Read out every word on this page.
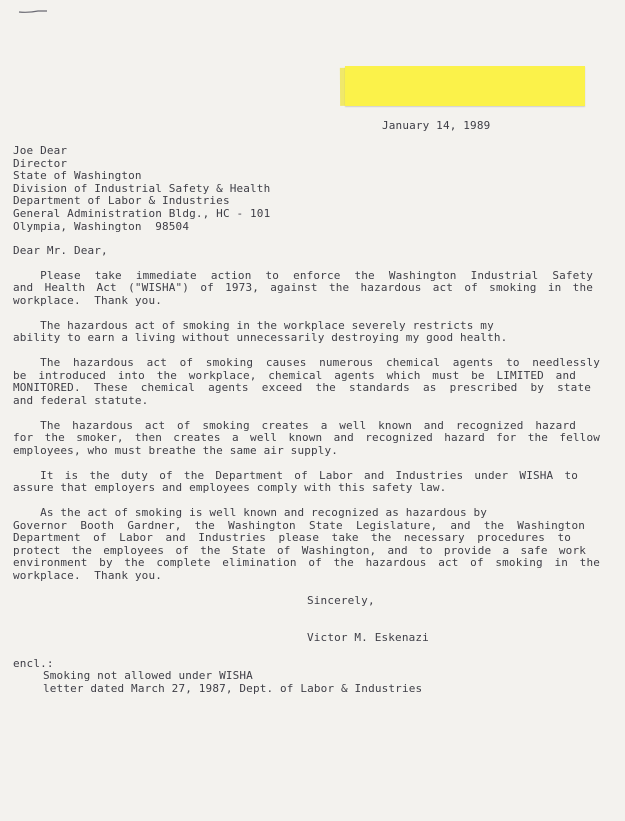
January 14, 1989
Joe Dear
Director
State of Washington
Division of Industrial Safety & Health
Department of Labor & Industries
General Administration Bldg., HC - 101
Olympia, Washington  98504
Dear Mr. Dear,
Please take immediate action to enforce the Washington Industrial Safety
and Health Act ("WISHA") of 1973, against the hazardous act of smoking in the
workplace.  Thank you.
The hazardous act of smoking in the workplace severely restricts my
ability to earn a living without unnecessarily destroying my good health.
The hazardous act of smoking causes numerous chemical agents to needlessly
be introduced into the workplace, chemical agents which must be LIMITED and
MONITORED. These chemical agents exceed the standards as prescribed by state
and federal statute.
The hazardous act of smoking creates a well known and recognized hazard
for the smoker, then creates a well known and recognized hazard for the fellow
employees, who must breathe the same air supply.
It is the duty of the Department of Labor and Industries under WISHA to
assure that employers and employees comply with this safety law.
As the act of smoking is well known and recognized as hazardous by
Governor Booth Gardner, the Washington State Legislature, and the Washington
Department of Labor and Industries please take the necessary procedures to
protect the employees of the State of Washington, and to provide a safe work
environment by the complete elimination of the hazardous act of smoking in the
workplace.  Thank you.
Sincerely,
Victor M. Eskenazi
encl.:
Smoking not allowed under WISHA
letter dated March 27, 1987, Dept. of Labor & Industries
